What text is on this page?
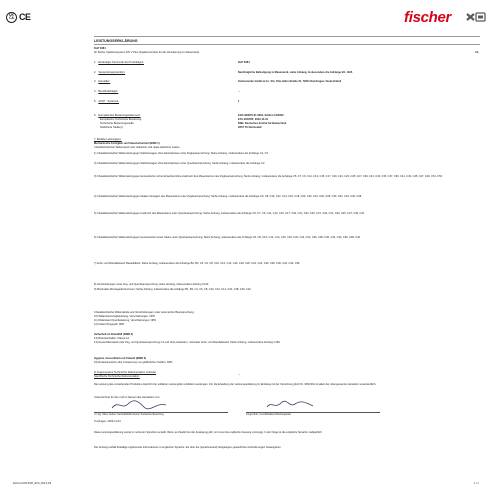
UK
CA CE	fischer
LEISTUNGSERKLÄRUNG
DoP 0384
für fischer Injektionssystem FIS V Plus (Injektionsmörtel für die Verankerung im Mauerwerk)	DE
1. Eindeutiger Kenncode des Produkttyps:	DoP 0384
2. Verwendungszweck(e):	Nachträgliche Befestigung in Mauerwerk, siehe Anhang, insbesondere die Anhänge B1 - B22.
3. Hersteller:	fischerwerke GmbH & Co. KG, Otto-Hahn-Straße 15, 79211 Denzlingen, Deutschland
4. Bevollmächtigter:	--
5. AVCP - System/e:	1
6. Europäisches Bewertungsdokument:	EAD 330076-01-0604, Edition 10/2022
Europäische Technische Bewertung:	ETA-20/0785; 2023-10-31
Technische Bewertungsstelle:	DIBt- Deutsches Institut für Bautechnik
Notifizierte Stelle(n):	2873 TU Darmstadt
7. Erklärte Leistung(en):
Mechanische Festigkeit und Standsicherheit (BWR 1)
Charakteristischer Widerstand unter statischer und quasi-statischer Lasten
1) Charakteristischer Widerstand gegen Stahlversagen ohne Einzelachsen unter Zugbeanspruchung: Siehe Anhang, insbesondere die Anhänge C1, C3
2) Charakteristischer Widerstand gegen Stahlversagen ohne Einzelachsen unter Querbeanspruchung: Siehe Anhang, insbesondere die Anhänge C2
3) Charakteristischer Widerstand gegen Herausziehen ohne Einsetzen/ohne Ausbruch des Mauersteins unter Zugbeanspruchung; Siehe Anhang, insbesondere die Anhänge C5, C7, C9, C11, C13, C15, C17, C19, C21, C23, C25, C27, C29, C31, C33, C35, C37, C39, C41, C43, C45, C47, C49, C51, C53
4) Charakteristischer Widerstand gegen lokales Versagen des Mauersteins unter Zugbeanspruchung; Siehe Anhang, insbesondere die Anhänge C6, C8, C10, C12, C14, C16, C18, C20, C22, C24, C26, C28, C30, C32, C34, C36, C38
5) Charakteristischer Widerstand gegen Ausbruch des Mauersteins unter Querbeanspruchung; Siehe Anhang, insbesondere die Anhänge C5, C7, C9, C11, C13, C15, C17, C19, C21, C23, C25, C27, C29, C31, C33, C35, C37, C39, C41
6) Charakteristischer Widerstand gegen Herausziehen eines Steins unter Querbeanspruchung; Siehe Anhang, insbesondere die Anhänge C6, C8, C10, C12, C14, C16, C18, C20, C22, C24, C26, C28, C30, C32, C34, C36, C38, C40
7) Achs- und Randabstand, Bauteildicke; Siehe Anhang, insbesondere die Anhänge B2, B3, C4, C6, C8, C10, C12, C14, C16, C18, C20, C22, C24, C26, C28, C30, C32, C34, C36
8) Verschiebungen unter Zug- und Querbeanspruchung; siehe Anhang, insbesondere Anhang C123
9) Maximales Montagedrehmoment; Siehe Anhang, insbesondere die Anhänge B1, B3, C4, C6, C8, C10, C12, C14, C16, C18, C20, C22
Charakteristische Widerstände und Verschiebungen unter seismischer Beanspruchung:
10) Widerstand Zugbelastung, Verschiebungen: NPD
11) Widerstand Querbelastung, Verschiebungen: NPD
12) Faktor Ringspalt: NPD
Sicherheit im Brandfall (BWR 2)
13) Brandverhalten: Klasse A1
14) Feuerwiderstand unter Zug- und Querbeanspruchung mit und ohne Hebelarm, minimaler Achs- und Randabstand: Siehe Anhang, insbesondere Anhang C184
Hygiene, Gesundheit und Umwelt (BWR 3)
15) Emissionswerte oder Freisetzung von gefährlichen Stoffen: NPD
8. Angemessene Technische Dokumentation und/oder
Spezifische Technische Dokumentation:
--
Die Leistung des vorstehenden Produkts entspricht der erklärten Leistung/den erklärten Leistungen. Für die Erstellung der Leistungserklärung im Einklang mit der Verordnung (EU) Nr. 305/2011 ist allein der obengenannte Hersteller verantwortlich.
Unterzeichnet für den und im Namen des Herstellers von:
i.V. Ing. Oliver Gerber, Geschäftsführer/Leiter Technische Bewertung	Jürgen Butz, Geschäftsleiter/Abteilungsleiter
Tumlingen, 2023-11-04
Diese Leistungserklärung wurde in mehreren Sprachen erstellt. Wenn es Zweifel bei der Auslegung gibt, ist immer die englische Fassung vorrangig. In der Folge ist die englische Sprache maßgeblich.
Der Anhang enthält freiwillige ergänzende Informationen in englischer Sprache, die über die (sprachneutral) festgelegten gesetzlichen Anforderungen hinausgehen.
Fischer DATA DOP_ECS_V82.0.0/9	1 / 1
